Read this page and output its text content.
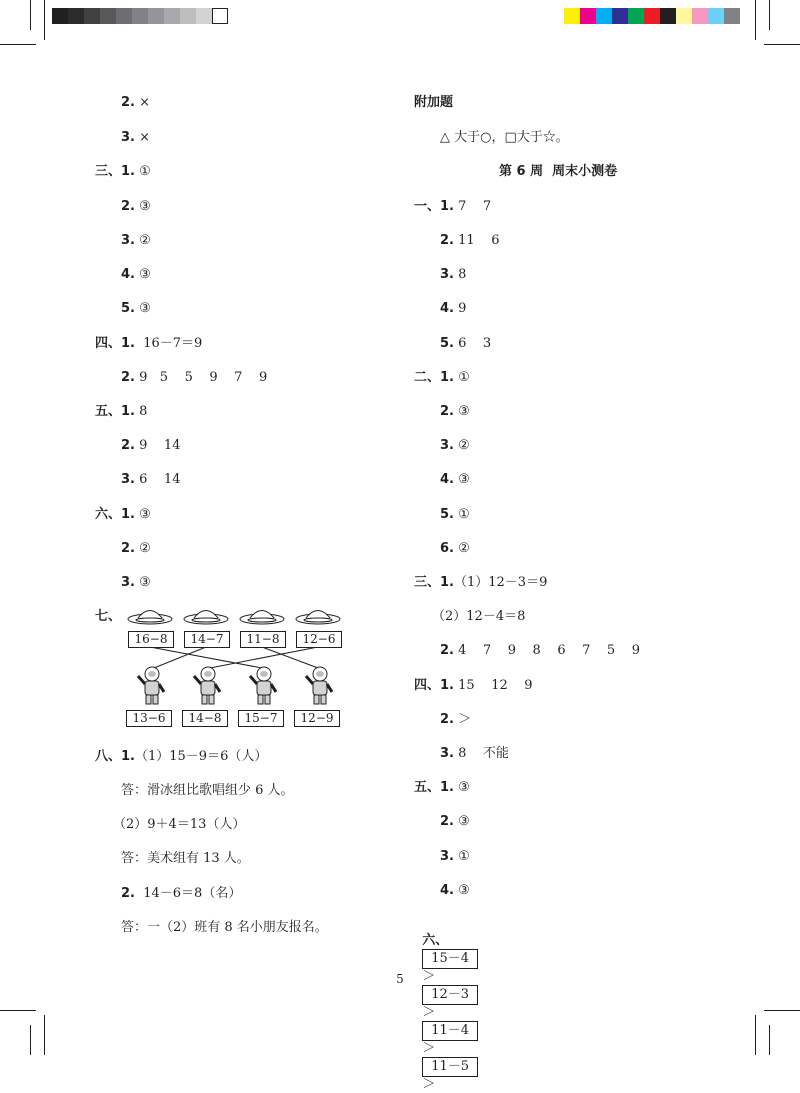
2. ×
3. ×
三、1. ①
2. ③
3. ②
4. ③
5. ③
四、1.  16－7＝9
2. 9   5    5    9    7    9
五、1. 8
2. 9    14
3. 6    14
六、1. ③
2. ②
3. ③
七、
16−8	14−7	11−8	12−6
13−6	14−8	15−7	12−9
八、1.（1）15－9＝6（人）
答：滑冰组比歌唱组少 6 人。
（2）9＋4＝13（人）
答：美术组有 13 人。
2.  14－6＝8（名）
答：一（2）班有 8 名小朋友报名。
附加题
△ 大于○，□大于☆。
第 6 周  周末小测卷
一、1. 7    7
2. 11    6
3. 8
4. 9
5. 6    3
二、1. ①
2. ③
3. ②
4. ③
5. ①
6. ②
三、1.（1）12－3＝9
（2）12－4＝8
2. 4    7    9    8    6    7    5    9
四、1. 15    12    9
2. ＞
3. 8    不能
五、1. ③
2. ③
3. ①
4. ③

六、
15－4
＞
12－3
＞
11－4
＞
11－5
＞

5
